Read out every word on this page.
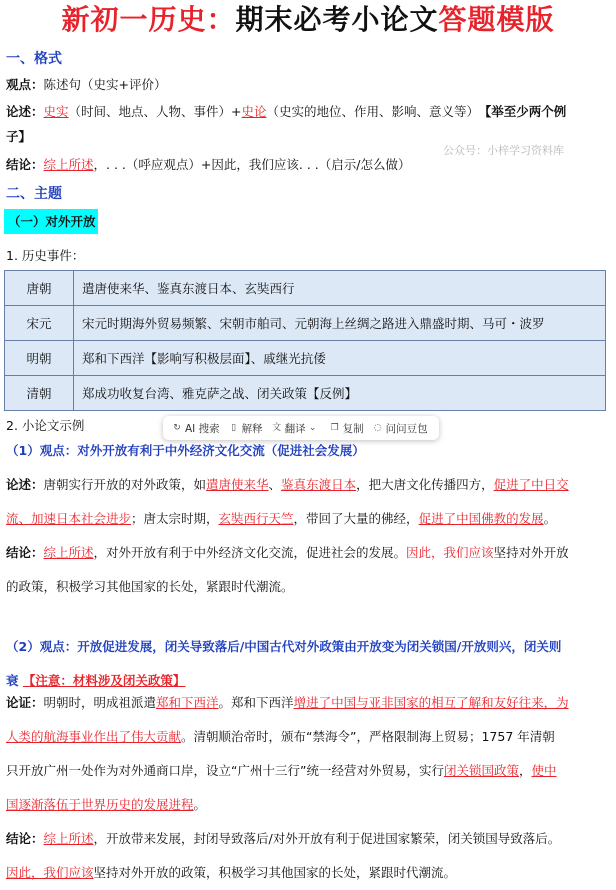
新初一历史：期末必考小论文答题模版
一、格式
观点：陈述句（史实+评价）
论述：史实（时间、地点、人物、事件）+史论（史实的地位、作用、影响、意义等） 【举至少两个例
子】
公众号：小梓学习资料库
结论：综上所述，. . .（呼应观点）+因此，我们应该. . .（启示/怎么做）
二、主题
（一）对外开放
1. 历史事件：
唐朝	遣唐使来华、鉴真东渡日本、玄奘西行
宋元	宋元时期海外贸易频繁、宋朝市舶司、元朝海上丝绸之路进入鼎盛时期、马可・波罗
明朝	郑和下西洋【影响写积极层面】、戚继光抗倭
清朝	郑成功收复台湾、雅克萨之战、闭关政策【反例】
2. 小论文示例	↻ AI 搜索 ▯ 解释 文 翻译 ⌄ ❐ 复制 ◌ 问问豆包
（1）观点：对外开放有利于中外经济文化交流（促进社会发展）
论述：唐朝实行开放的对外政策，如遣唐使来华、鉴真东渡日本，把大唐文化传播四方，促进了中日交
流、加速日本社会进步；唐太宗时期，玄奘西行天竺，带回了大量的佛经，促进了中国佛教的发展。
结论：综上所述，对外开放有利于中外经济文化交流，促进社会的发展。因此，我们应该坚持对外开放
的政策，积极学习其他国家的长处，紧跟时代潮流。
（2）观点：开放促进发展，闭关导致落后/中国古代对外政策由开放变为闭关锁国/开放则兴，闭关则
衰 【注意：材料涉及闭关政策】
论证：明朝时，明成祖派遣郑和下西洋。郑和下西洋增进了中国与亚非国家的相互了解和友好往来，为
人类的航海事业作出了伟大贡献。清朝顺治帝时，颁布“禁海令”，严格限制海上贸易；1757 年清朝
只开放广州一处作为对外通商口岸，设立“广州十三行”统一经营对外贸易，实行闭关锁国政策，使中
国逐渐落伍于世界历史的发展进程。
结论：综上所述，开放带来发展，封闭导致落后/对外开放有利于促进国家繁荣，闭关锁国导致落后。
因此，我们应该坚持对外开放的政策，积极学习其他国家的长处，紧跟时代潮流。
